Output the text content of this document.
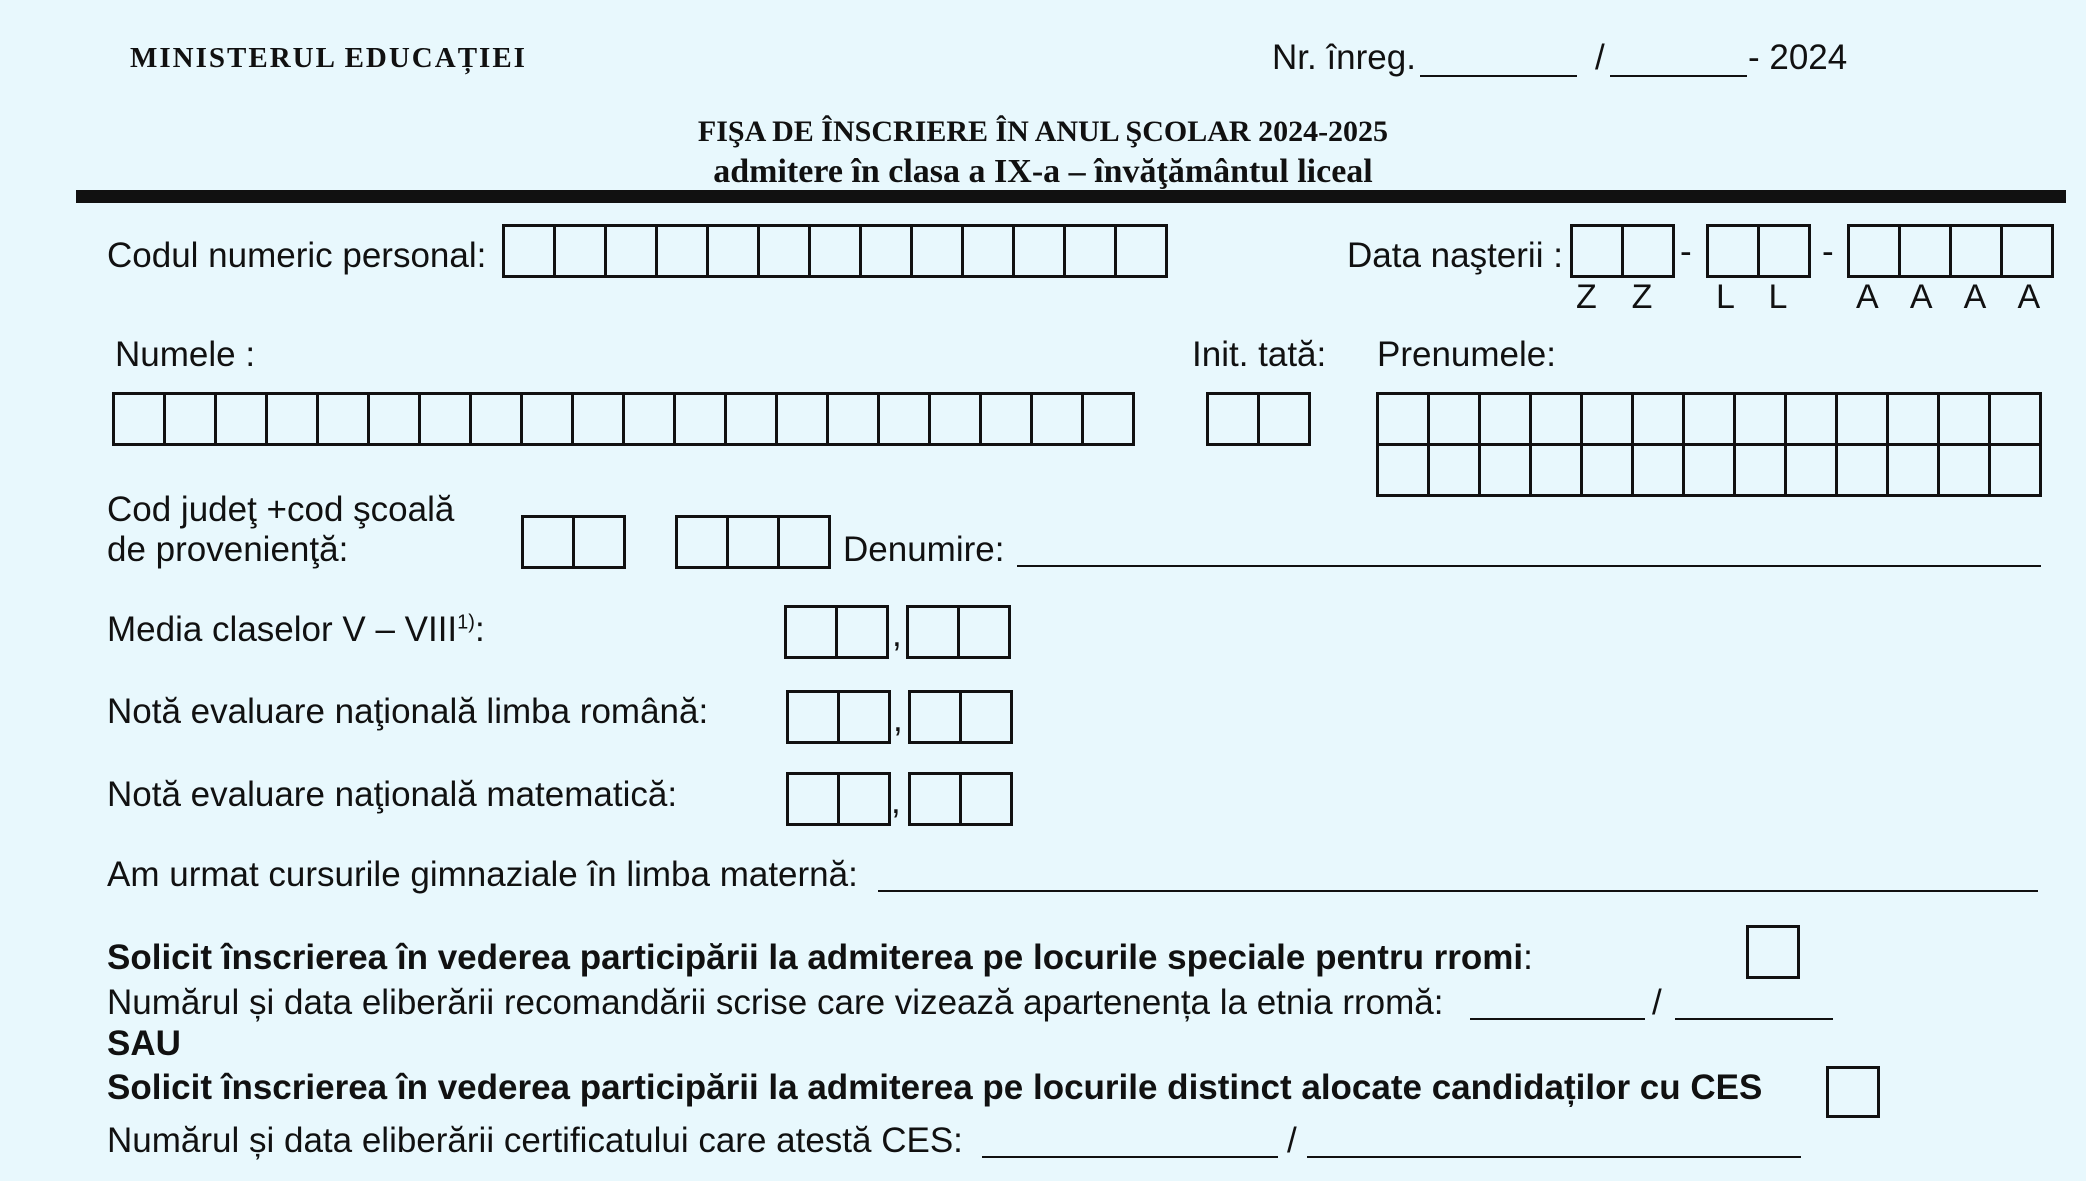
MINISTERUL EDUCAȚIEI	Nr. înreg.	/	- 2024
FIŞA DE ÎNSCRIERE ÎN ANUL ŞCOLAR 2024-2025
admitere în clasa a IX-a – învăţământul liceal
Codul numeric personal:	Data naşterii :	-	-
Z  Z L  L A  A  A  A
Numele :	Init. tată: Prenumele:
Cod judeţ +cod şcoală
de provenienţă:	Denumire:
Media claselor V – VIII$^{1)}$:	,
Notă evaluare naţională limba română:	,
Notă evaluare naţională matematică:	,
Am urmat cursurile gimnaziale în limba maternă:
Solicit înscrierea în vederea participării la admiterea pe locurile speciale pentru rromi:
Numărul și data eliberării recomandării scrise care vizează apartenența la etnia rromă:	/
SAU
Solicit înscrierea în vederea participării la admiterea pe locurile distinct alocate candidaților cu CES
Numărul și data eliberării certificatului care atestă CES:	/
